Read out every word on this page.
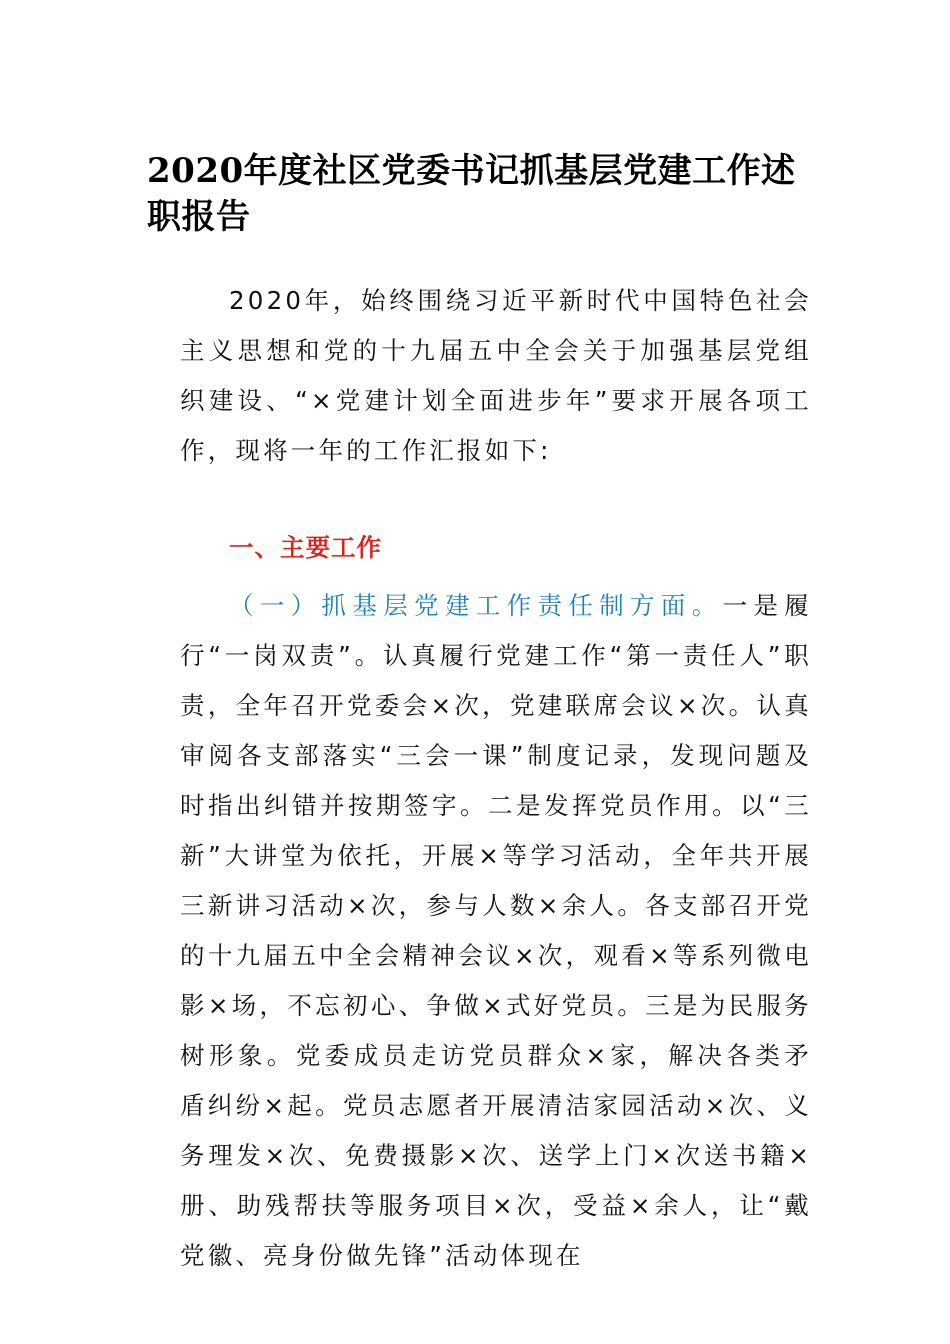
2020年度社区党委书记抓基层党建工作述职报告

2020年，始终围绕习近平新时代中国特色社会主义思想和党的十九届五中全会关于加强基层党组织建设、“×党建计划全面进步年”要求开展各项工作，现将一年的工作汇报如下:

一、主要工作

（一）抓基层党建工作责任制方面。一是履行“一岗双责”。认真履行党建工作“第一责任人”职责，全年召开党委会×次，党建联席会议×次。认真审阅各支部落实“三会一课”制度记录，发现问题及时指出纠错并按期签字。二是发挥党员作用。以“三新”大讲堂为依托，开展×等学习活动，全年共开展三新讲习活动×次，参与人数×余人。各支部召开党的十九届五中全会精神会议×次，观看×等系列微电影×场，不忘初心、争做×式好党员。三是为民服务树形象。党委成员走访党员群众×家，解决各类矛盾纠纷×起。党员志愿者开展清洁家园活动×次、义务理发×次、免费摄影×次、送学上门×次送书籍×册、助残帮扶等服务项目×次，受益×余人，让“戴党徽、亮身份做先锋”活动体现在
